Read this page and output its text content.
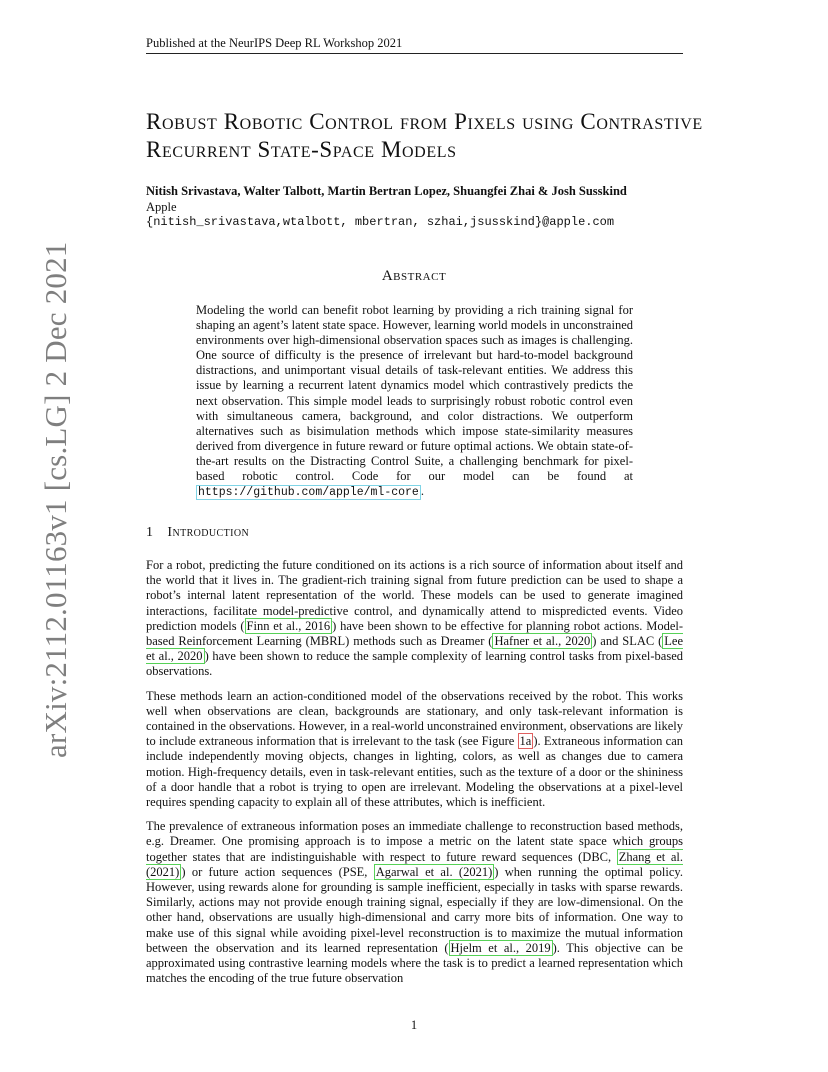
Published at the NeurIPS Deep RL Workshop 2021
arXiv:2112.01163v1 [cs.LG] 2 Dec 2021
Robust Robotic Control from Pixels using Contrastive Recurrent State-Space Models
Nitish Srivastava, Walter Talbott, Martin Bertran Lopez, Shuangfei Zhai & Josh Susskind
Apple
{nitish_srivastava,wtalbott, mbertran, szhai,jsusskind}@apple.com
Abstract
Modeling the world can benefit robot learning by providing a rich training signal for shaping an agent’s latent state space. However, learning world models in unconstrained environments over high-dimensional observation spaces such as images is challenging. One source of difficulty is the presence of irrelevant but hard-to-model background distractions, and unimportant visual details of task-relevant entities. We address this issue by learning a recurrent latent dynamics model which contrastively predicts the next observation. This simple model leads to surprisingly robust robotic control even with simultaneous camera, background, and color distractions. We outperform alternatives such as bisimulation methods which impose state-similarity measures derived from divergence in future reward or future optimal actions. We obtain state-of-the-art results on the Distracting Control Suite, a challenging benchmark for pixel-based robotic control. Code for our model can be found at https://github.com/apple/ml-core .
1 Introduction

For a robot, predicting the future conditioned on its actions is a rich source of information about itself and the world that it lives in. The gradient-rich training signal from future prediction can be used to shape a robot’s internal latent representation of the world. These models can be used to generate imagined interactions, facilitate model-predictive control, and dynamically attend to mispredicted events. Video prediction models ( Finn et al., 2016 ) have been shown to be effective for planning robot actions. Model-based Reinforcement Learning (MBRL) methods such as Dreamer ( Hafner et al., 2020 ) and SLAC ( Lee et al., 2020 ) have been shown to reduce the sample complexity of learning control tasks from pixel-based observations.

These methods learn an action-conditioned model of the observations received by the robot. This works well when observations are clean, backgrounds are stationary, and only task-relevant information is contained in the observations. However, in a real-world unconstrained environment, observations are likely to include extraneous information that is irrelevant to the task (see Figure 1a ). Extraneous information can include independently moving objects, changes in lighting, colors, as well as changes due to camera motion. High-frequency details, even in task-relevant entities, such as the texture of a door or the shininess of a door handle that a robot is trying to open are irrelevant. Modeling the observations at a pixel-level requires spending capacity to explain all of these attributes, which is inefficient.

The prevalence of extraneous information poses an immediate challenge to reconstruction based methods, e.g. Dreamer. One promising approach is to impose a metric on the latent state space which groups together states that are indistinguishable with respect to future reward sequences (DBC, Zhang et al. (2021) ) or future action sequences (PSE, Agarwal et al. (2021) ) when running the optimal policy. However, using rewards alone for grounding is sample inefficient, especially in tasks with sparse rewards. Similarly, actions may not provide enough training signal, especially if they are low-dimensional. On the other hand, observations are usually high-dimensional and carry more bits of information. One way to make use of this signal while avoiding pixel-level reconstruction is to maximize the mutual information between the observation and its learned representation ( Hjelm et al., 2019 ). This objective can be approximated using contrastive learning models where the task is to predict a learned representation which matches the encoding of the true future observation

1
